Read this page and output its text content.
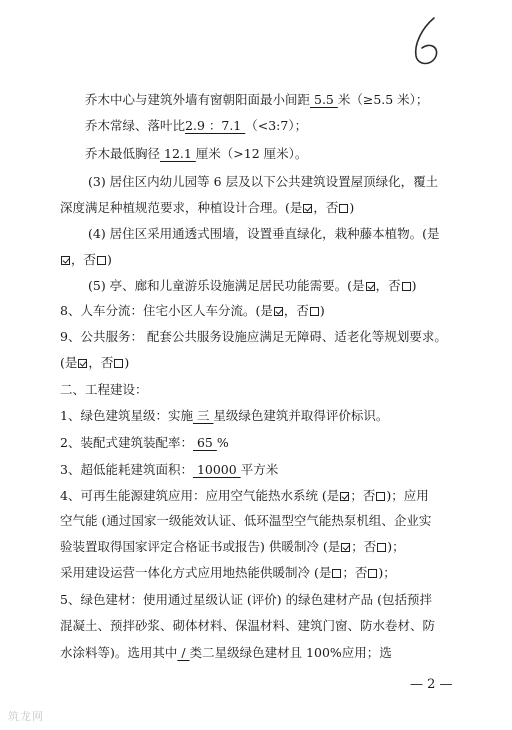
乔木中心与建筑外墙有窗朝阳面最小间距 5.5 米（≥5.5 米）；
乔木常绿、落叶比2.9 ：7.1 （<3:7）；
乔木最低胸径 12.1 厘米（>12 厘米）。
(3) 居住区内幼儿园等 6 层及以下公共建筑设置屋顶绿化，覆土
深度满足种植规范要求，种植设计合理。(是 ，否 )
(4) 居住区采用通透式围墙，设置垂直绿化，栽种藤本植物。(是
，否 )
(5) 亭、廊和儿童游乐设施满足居民功能需要。(是 ，否 )
8、人车分流：住宅小区人车分流。(是 ，否 )
9、公共服务： 配套公共服务设施应满足无障碍、适老化等规划要求。
(是 ，否 )
二、工程建设：
1、绿色建筑星级：实施 三 星级绿色建筑并取得评价标识。
2、装配式建筑装配率： 65 %
3、超低能耗建筑面积： 10000 平方米
4、可再生能源建筑应用：应用空气能热水系统 (是 ；否 )；应用
空气能 (通过国家一级能效认证、低环温型空气能热泵机组、企业实
验装置取得国家评定合格证书或报告) 供暖制冷 (是 ；否 )；
采用建设运营一体化方式应用地热能供暖制冷 (是 ；否 )；
5、绿色建材：使用通过星级认证 (评价) 的绿色建材产品 (包括预拌
混凝土、预拌砂浆、砌体材料、保温材料、建筑门窗、防水卷材、防
水涂料等)。选用其中 / 类二星级绿色建材且 100%应用；选
— 2 —
筑龙网
